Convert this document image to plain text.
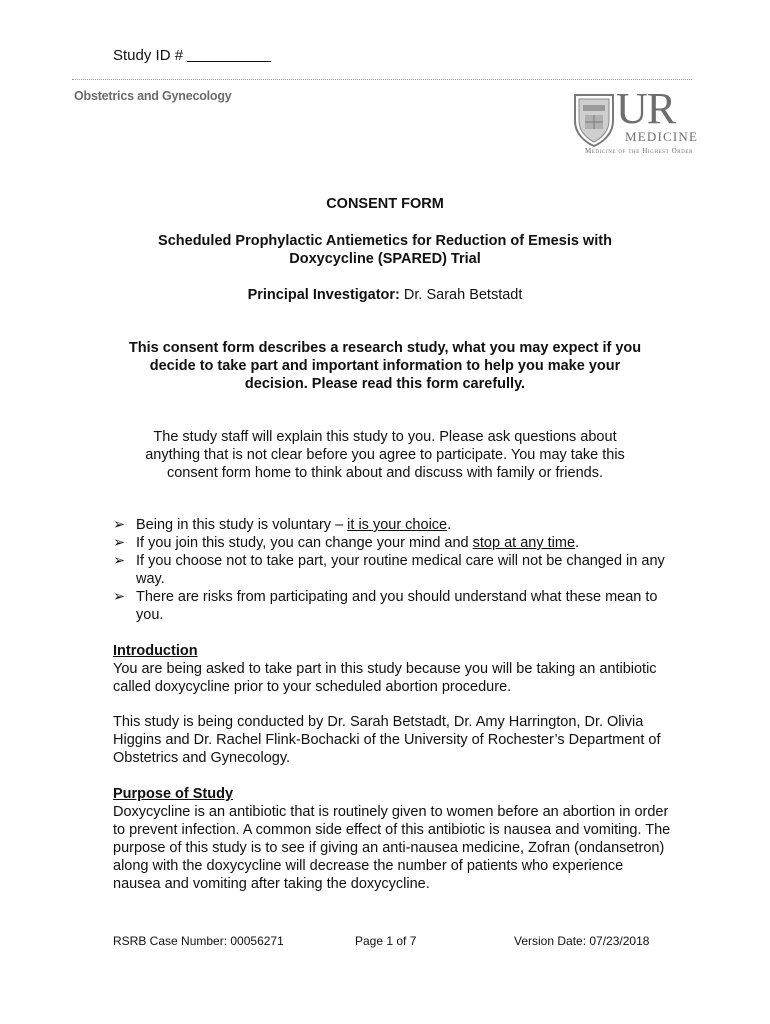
Study ID #
Obstetrics and Gynecology	UR
MEDICINE
Medicine of the Highest Order
CONSENT FORM
Scheduled Prophylactic Antiemetics for Reduction of Emesis with
Doxycycline (SPARED) Trial
Principal Investigator: Dr. Sarah Betstadt
This consent form describes a research study, what you may expect if you
decide to take part and important information to help you make your
decision. Please read this form carefully.
The study staff will explain this study to you. Please ask questions about
anything that is not clear before you agree to participate. You may take this
consent form home to think about and discuss with family or friends.
➢ Being in this study is voluntary – it is your choice.
➢ If you join this study, you can change your mind and stop at any time.
➢ If you choose not to take part, your routine medical care will not be changed in any way.
➢ There are risks from participating and you should understand what these mean to you.
Introduction
You are being asked to take part in this study because you will be taking an antibiotic called doxycycline prior to your scheduled abortion procedure.
This study is being conducted by Dr. Sarah Betstadt, Dr. Amy Harrington, Dr. Olivia Higgins and Dr. Rachel Flink-Bochacki of the University of Rochester’s Department of Obstetrics and Gynecology.
Purpose of Study
Doxycycline is an antibiotic that is routinely given to women before an abortion in order to prevent infection. A common side effect of this antibiotic is nausea and vomiting. The purpose of this study is to see if giving an anti-nausea medicine, Zofran (ondansetron) along with the doxycycline will decrease the number of patients who experience nausea and vomiting after taking the doxycycline.
RSRB Case Number: 00056271	Page 1 of 7	Version Date: 07/23/2018
